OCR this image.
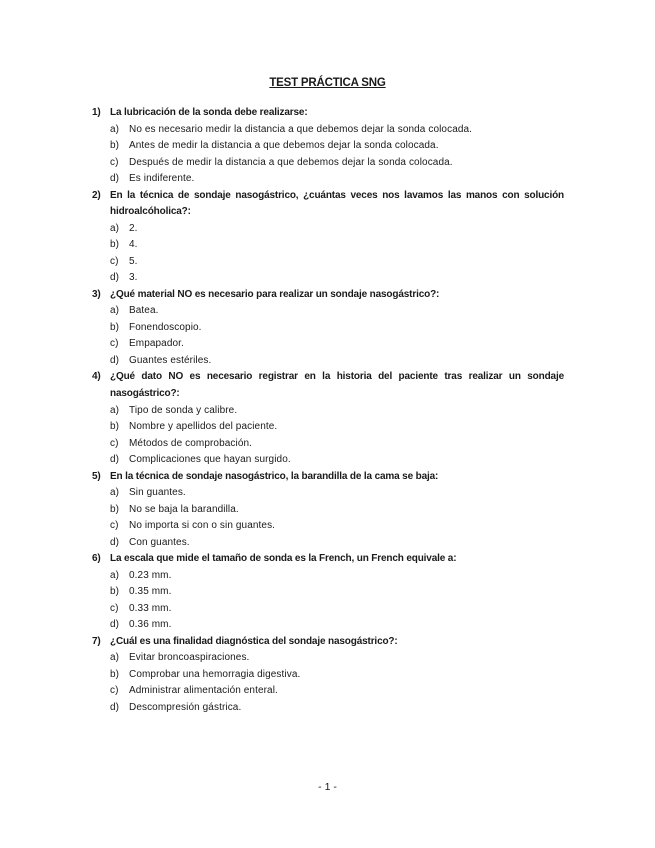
TEST PRÁCTICA SNG
1) La lubricación de la sonda debe realizarse:
a) No es necesario medir la distancia a que debemos dejar la sonda colocada.
b) Antes de medir la distancia a que debemos dejar la sonda colocada.
c)	Después de medir la distancia a que debemos dejar la sonda colocada.
d) Es indiferente.
2) En la técnica de sondaje nasogástrico, ¿cuántas veces nos lavamos las manos con solución hidroalcóholica?:
a) 2.
b) 4.
c)	5.
d) 3.
3) ¿Qué material NO es necesario para realizar un sondaje nasogástrico?:
a) Batea.
b) Fonendoscopio.
c)	Empapador.
d) Guantes estériles.
4) ¿Qué dato NO es necesario registrar en la historia del paciente tras realizar un sondaje nasogástrico?:
a) Tipo de sonda y calibre.
b) Nombre y apellidos del paciente.
c)	Métodos de comprobación.
d) Complicaciones que hayan surgido.
5) En la técnica de sondaje nasogástrico, la barandilla de la cama se baja:
a) Sin guantes.
b) No se baja la barandilla.
c)	No importa si con o sin guantes.
d) Con guantes.
6) La escala que mide el tamaño de sonda es la French, un French equivale a:
a) 0.23 mm.
b) 0.35 mm.
c)	0.33 mm.
d) 0.36 mm.
7) ¿Cuál es una finalidad diagnóstica del sondaje nasogástrico?:
a) Evitar broncoaspiraciones.
b) Comprobar una hemorragia digestiva.
c)	Administrar alimentación enteral.
d) Descompresión gástrica.
- 1 -
